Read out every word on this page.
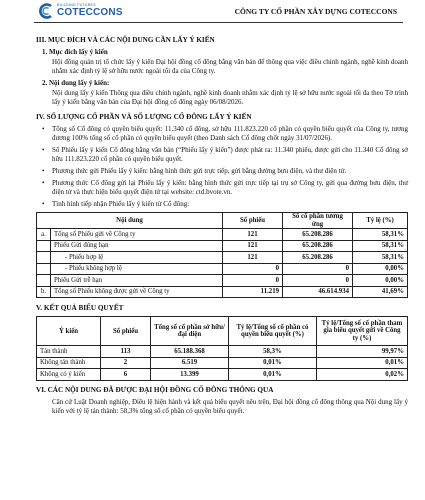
BUILDING FUTURES
COTECCONS	CÔNG TY CỔ PHẦN XÂY DỰNG COTECCONS
III. MỤC ĐÍCH VÀ CÁC NỘI DUNG CẦN LẤY Ý KIẾN
1. Mục đích lấy ý kiến
Hội đồng quản trị tổ chức lấy ý kiến Đại hội đồng cổ đông bằng văn bản để thông qua việc điều chỉnh ngành, nghề kinh doanh nhằm xác định tỷ lệ sở hữu nước ngoài tối đa của Công ty.
2. Nội dung lấy ý kiến:
Nội dung lấy ý kiến Thông qua điều chỉnh ngành, nghề kinh doanh nhằm xác định tỷ lệ sở hữu nước ngoài tối đa theo Tờ trình lấy ý kiến bằng văn bản của Đại hội đồng cổ đông ngày 06/08/2026.
IV. SỐ LƯỢNG CỔ PHẦN VÀ SỐ LƯỢNG CỔ ĐÔNG LẤY Ý KIẾN
• Tổng số Cổ đông có quyền biểu quyết: 11.340 cổ đông, sở hữu 111.823.220 cổ phần có quyền biểu quyết của Công ty, tương đương 100% tổng số cổ phần có quyền biểu quyết (theo Danh sách Cổ đông chốt ngày 31/07/2026).
• Số Phiếu lấy ý kiến Cổ đông bằng văn bản (“Phiếu lấy ý kiến”) được phát ra: 11.340 phiếu, được gửi cho 11.340 Cổ đông sở hữu 111.823.220 cổ phần có quyền biểu quyết.
• Phương thức gửi Phiếu lấy ý kiến: bằng hình thức gửi trực tiếp, gửi bằng đường bưu điện, và thư điện tử.
• Phương thức Cổ đông gửi lại Phiếu lấy ý kiến: bằng hình thức gửi trực tiếp tại trụ sở Công ty, gửi qua đường bưu điện, thư điện tử và thực hiện biểu quyết điện tử tại website: ctd.bvote.vn.
• Tình hình tiếp nhận Phiếu lấy ý kiến từ Cổ đông:
Nội dung		Số phiếu	Số cổ phần tương ứng	Tỷ lệ (%)
a.	Tổng số Phiếu gửi về Công ty	121	65.208.286	58,31%
	Phiếu Gửi đúng hạn	121	65.208.286	58,31%
	- Phiếu hợp lệ	121	65.208.286	58,31%
	- Phiếu không hợp lệ	0	0	0,00%
	Phiếu Gửi trễ hạn	0	0	0,00%
b.	Tổng số Phiếu không được gửi về Công ty	11.219	46.614.934	41,69%
V. KẾT QUẢ BIỂU QUYẾT
Ý kiến	Số phiếu	Tổng số cổ phần sở hữu/ đại diện	Tỷ lệ/Tổng số cổ phần có quyền biểu quyết (%)	Tỷ lệ/Tổng số cổ phần tham gia biểu quyết gửi về Công ty (%)
Tán thành	113	65.188.368	58,3%	99,97%
Không tán thành	2	6.519	0,01%	0,01%
Không có ý kiến	6	13.399	0,01%	0,02%
VI. CÁC NỘI DUNG ĐÃ ĐƯỢC ĐẠI HỘI ĐỒNG CỔ ĐÔNG THÔNG QUA
Căn cứ Luật Doanh nghiệp, Điều lệ hiện hành và kết quả biểu quyết nêu trên, Đại hội đồng cổ đông thông qua Nội dung lấy ý kiến với tỷ lệ tán thành: 58,3% tổng số cổ phần có quyền biểu quyết.
